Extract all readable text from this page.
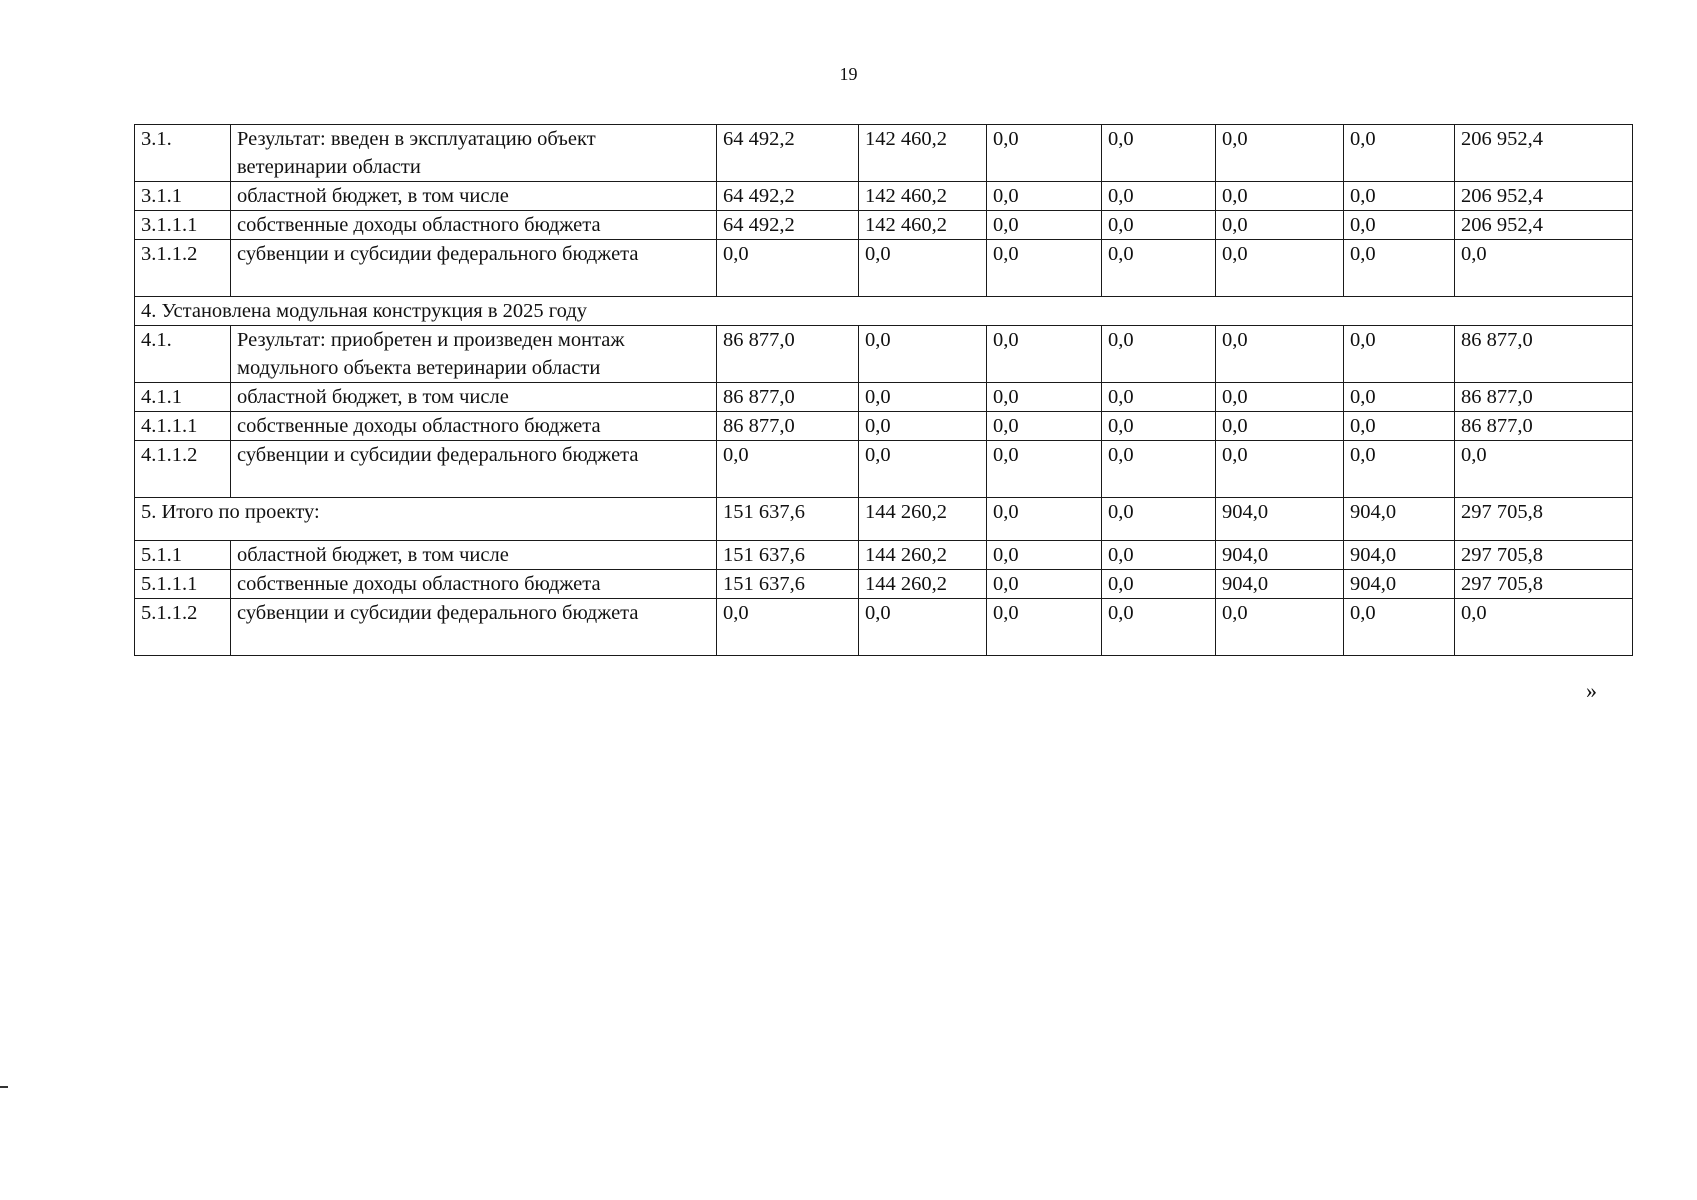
19
3.1.	Результат: введен в эксплуатацию объект ветеринарии области	64 492,2	142 460,2	0,0	0,0	0,0	0,0	206 952,4
3.1.1	областной бюджет, в том числе	64 492,2	142 460,2	0,0	0,0	0,0	0,0	206 952,4
3.1.1.1	собственные доходы областного бюджета	64 492,2	142 460,2	0,0	0,0	0,0	0,0	206 952,4
3.1.1.2	субвенции и субсидии федерального бюджета	0,0	0,0	0,0	0,0	0,0	0,0	0,0
4. Установлена модульная конструкция в 2025 году								
4.1.	Результат: приобретен и произведен монтаж модульного объекта ветеринарии области	86 877,0	0,0	0,0	0,0	0,0	0,0	86 877,0
4.1.1	областной бюджет, в том числе	86 877,0	0,0	0,0	0,0	0,0	0,0	86 877,0
4.1.1.1	собственные доходы областного бюджета	86 877,0	0,0	0,0	0,0	0,0	0,0	86 877,0
4.1.1.2	субвенции и субсидии федерального бюджета	0,0	0,0	0,0	0,0	0,0	0,0	0,0
5. Итого по проекту:		151 637,6	144 260,2	0,0	0,0	904,0	904,0	297 705,8
5.1.1	областной бюджет, в том числе	151 637,6	144 260,2	0,0	0,0	904,0	904,0	297 705,8
5.1.1.1	собственные доходы областного бюджета	151 637,6	144 260,2	0,0	0,0	904,0	904,0	297 705,8
5.1.1.2	субвенции и субсидии федерального бюджета	0,0	0,0	0,0	0,0	0,0	0,0	0,0
»
